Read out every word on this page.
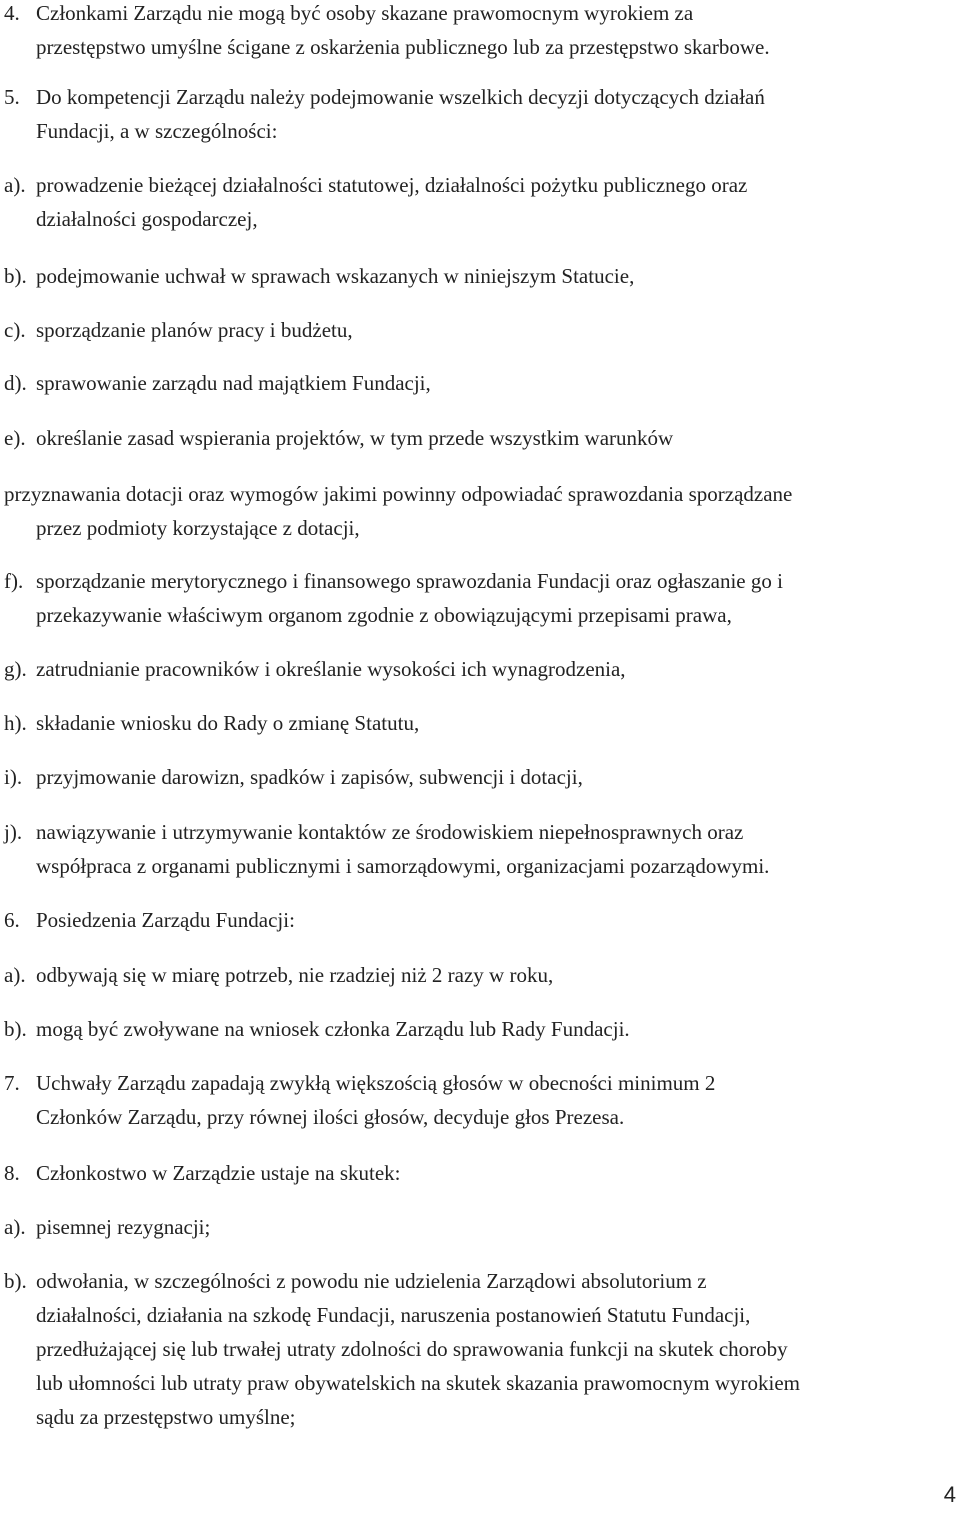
4. Członkami Zarządu nie mogą być osoby skazane prawomocnym wyrokiem za
przestępstwo umyślne ścigane z oskarżenia publicznego lub za przestępstwo skarbowe.
5. Do kompetencji Zarządu należy podejmowanie wszelkich decyzji dotyczących działań
Fundacji, a w szczególności:
a). prowadzenie bieżącej działalności statutowej, działalności pożytku publicznego oraz
działalności gospodarczej,
b). podejmowanie uchwał w sprawach wskazanych w niniejszym Statucie,
c). sporządzanie planów pracy i budżetu,
d). sprawowanie zarządu nad majątkiem Fundacji,
e). określanie zasad wspierania projektów, w tym przede wszystkim warunków
przyznawania dotacji oraz wymogów jakimi powinny odpowiadać sprawozdania sporządzane
przez podmioty korzystające z dotacji,
f). sporządzanie merytorycznego i finansowego sprawozdania Fundacji oraz ogłaszanie go i
przekazywanie właściwym organom zgodnie z obowiązującymi przepisami prawa,
g). zatrudnianie pracowników i określanie wysokości ich wynagrodzenia,
h). składanie wniosku do Rady o zmianę Statutu,
i). przyjmowanie darowizn, spadków i zapisów, subwencji i dotacji,
j). nawiązywanie i utrzymywanie kontaktów ze środowiskiem niepełnosprawnych oraz
współpraca z organami publicznymi i samorządowymi, organizacjami pozarządowymi.
6. Posiedzenia Zarządu Fundacji:
a). odbywają się w miarę potrzeb, nie rzadziej niż 2 razy w roku,
b). mogą być zwoływane na wniosek członka Zarządu lub Rady Fundacji.
7. Uchwały Zarządu zapadają zwykłą większością głosów w obecności minimum 2
Członków Zarządu, przy równej ilości głosów, decyduje głos Prezesa.
8. Członkostwo w Zarządzie ustaje na skutek:
a). pisemnej rezygnacji;
b). odwołania, w szczególności z powodu nie udzielenia Zarządowi absolutorium z
działalności, działania na szkodę Fundacji, naruszenia postanowień Statutu Fundacji,
przedłużającej się lub trwałej utraty zdolności do sprawowania funkcji na skutek choroby
lub ułomności lub utraty praw obywatelskich na skutek skazania prawomocnym wyrokiem
sądu za przestępstwo umyślne;
4
